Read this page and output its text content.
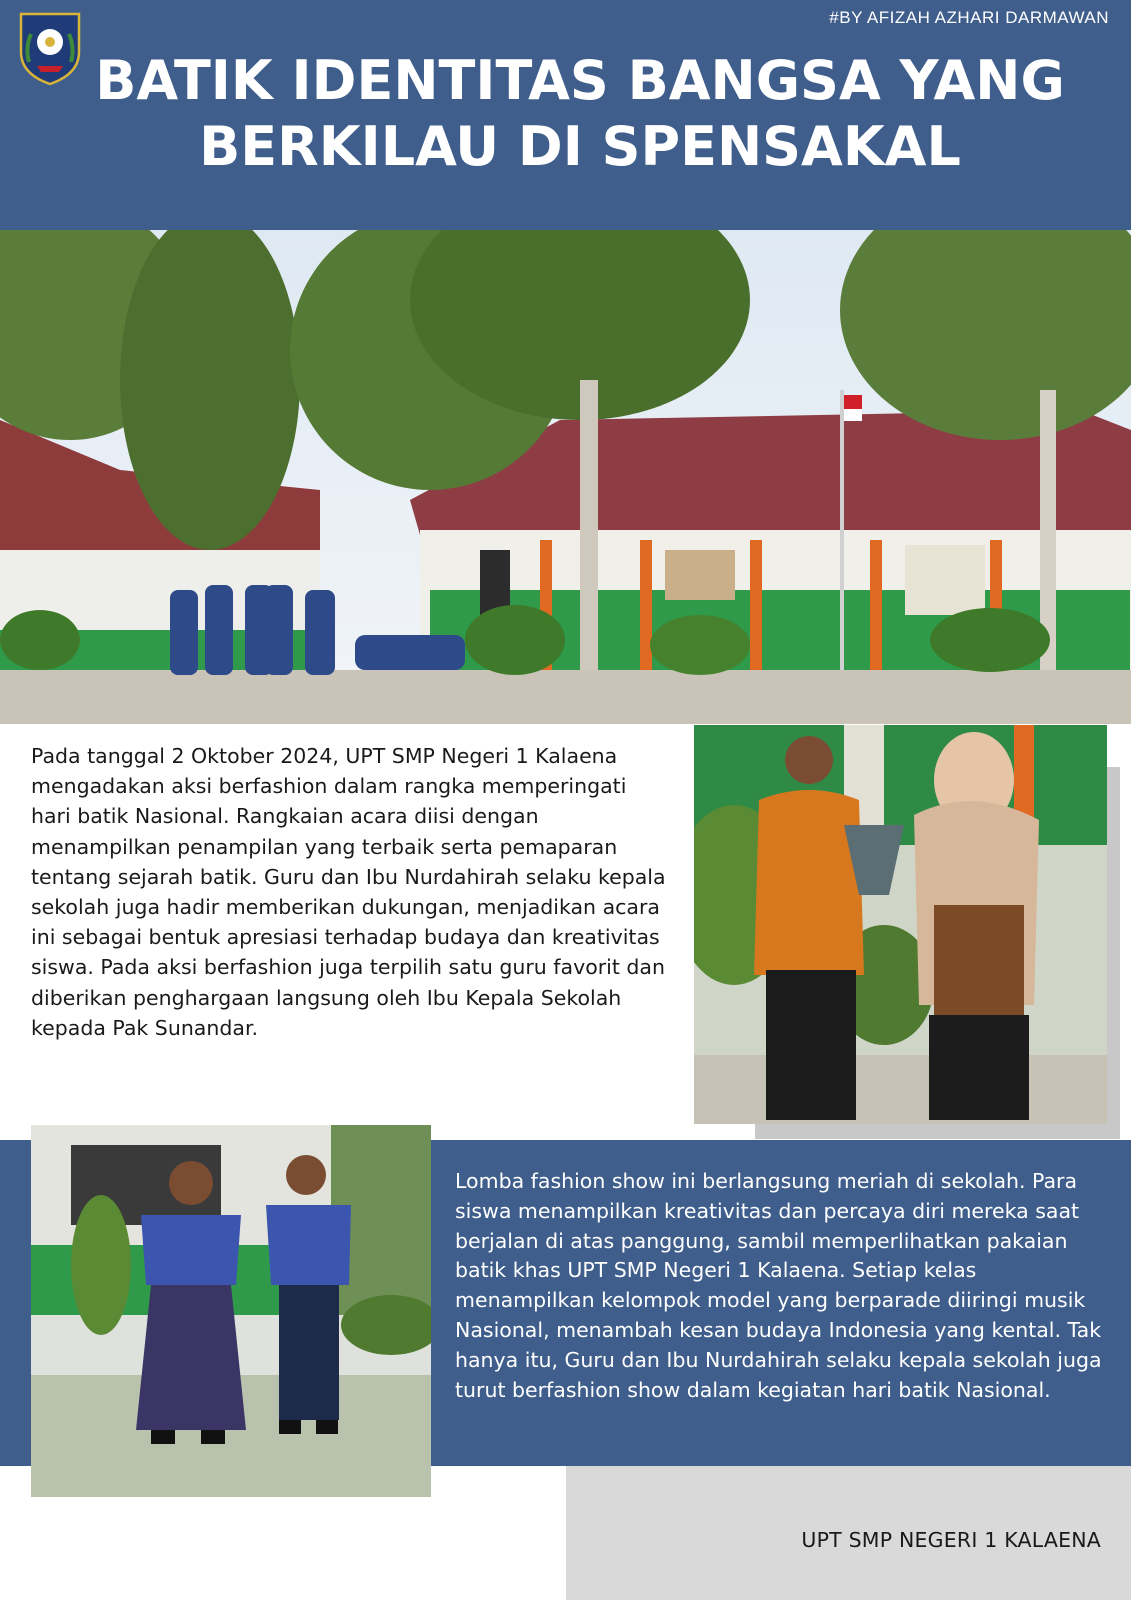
#BY AFIZAH AZHARI DARMAWAN
BATIK IDENTITAS BANGSA YANG
BERKILAU DI SPENSAKAL
Pada tanggal 2 Oktober 2024, UPT SMP Negeri 1 Kalaena mengadakan aksi berfashion dalam rangka memperingati hari batik Nasional. Rangkaian acara diisi dengan menampilkan penampilan yang terbaik serta pemaparan tentang sejarah batik. Guru dan Ibu Nurdahirah selaku kepala sekolah juga hadir memberikan dukungan, menjadikan acara ini sebagai bentuk apresiasi terhadap budaya dan kreativitas siswa. Pada aksi berfashion juga terpilih satu guru favorit dan diberikan penghargaan langsung oleh Ibu Kepala Sekolah kepada Pak Sunandar.
Lomba fashion show ini berlangsung meriah di sekolah. Para siswa menampilkan kreativitas dan percaya diri mereka saat berjalan di atas panggung, sambil memperlihatkan pakaian batik khas UPT SMP Negeri 1 Kalaena. Setiap kelas menampilkan kelompok model yang berparade diiringi musik Nasional, menambah kesan budaya Indonesia yang kental. Tak hanya itu, Guru dan Ibu Nurdahirah selaku kepala sekolah juga turut berfashion show dalam kegiatan hari batik Nasional.
UPT SMP NEGERI 1 KALAENA
